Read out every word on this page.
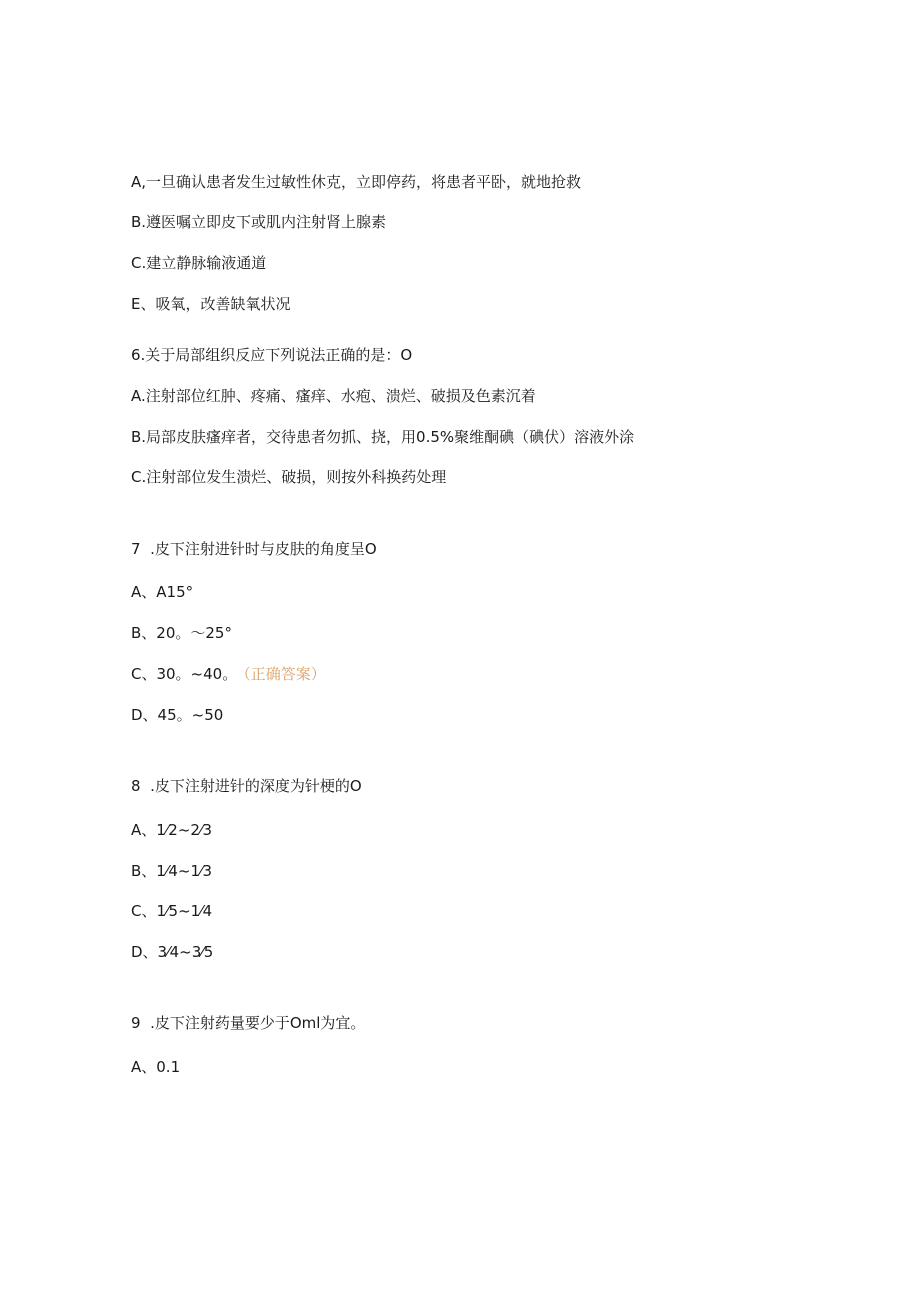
A,一旦确认患者发生过敏性休克，立即停药，将患者平卧，就地抢救
B.遵医嘱立即皮下或肌内注射肾上腺素
C.建立静脉输液通道
E、吸氧，改善缺氧状况
6.关于局部组织反应下列说法正确的是：O
A.注射部位红肿、疼痛、瘙痒、水疱、溃烂、破损及色素沉着
B.局部皮肤瘙痒者，交待患者勿抓、挠，用0.5%聚维酮碘（碘伏）溶液外涂
C.注射部位发生溃烂、破损，则按外科换药处理
7  .皮下注射进针时与皮肤的角度呈O
A、A15°
B、20。～25°
C、30。~40。 （正确答案）
D、45。~50
8  .皮下注射进针的深度为针梗的O
A、1⁄2~2⁄3
B、1⁄4~1⁄3
C、1⁄5~1⁄4
D、3⁄4~3⁄5
9  .皮下注射药量要少于Oml为宜。
A、0.1
